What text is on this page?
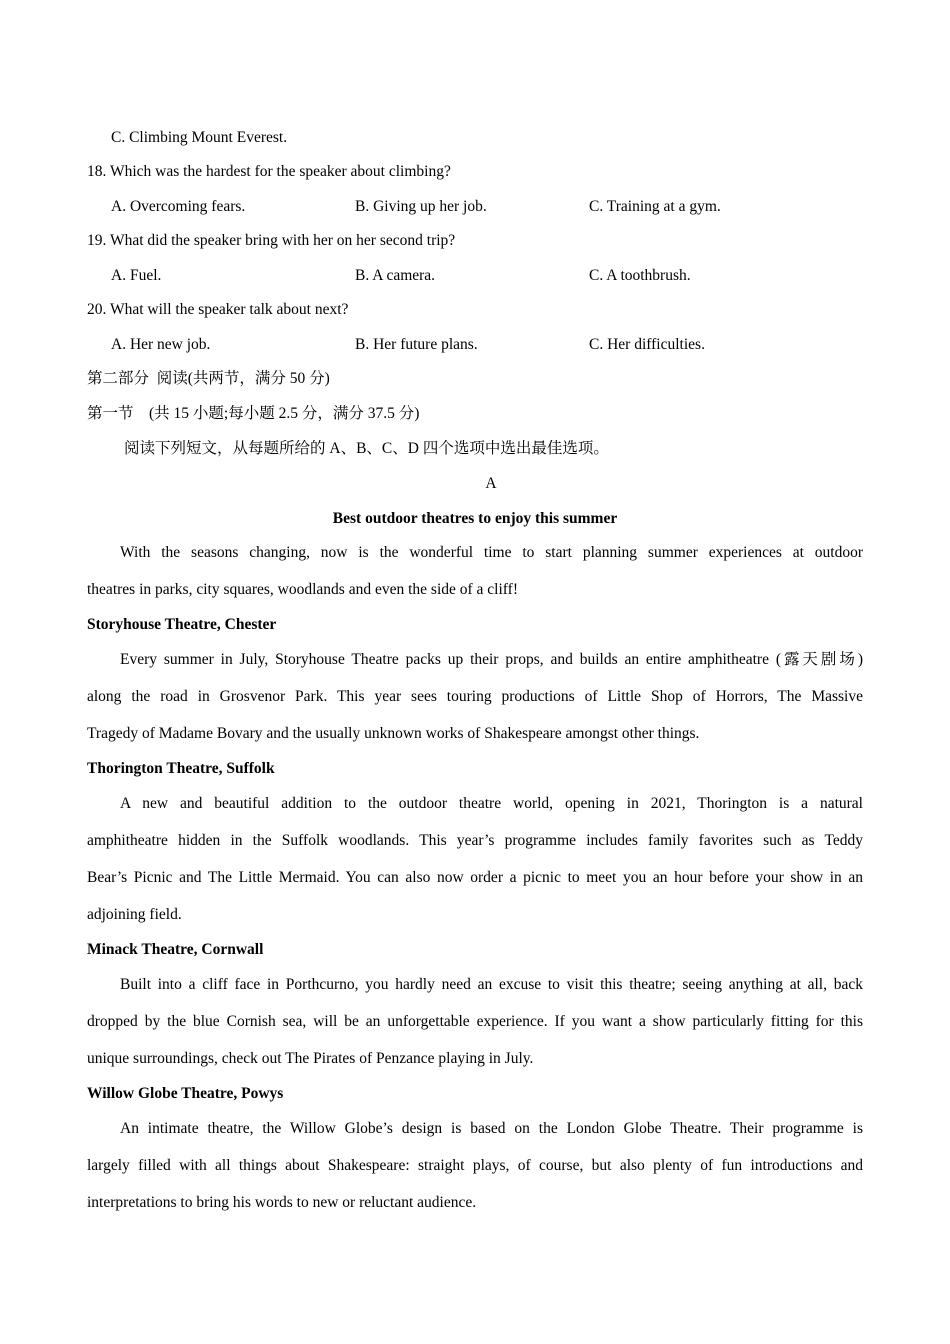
C. Climbing Mount Everest.
18. Which was the hardest for the speaker about climbing?
A. Overcoming fears.	B. Giving up her job.	C. Training at a gym.
19. What did the speaker bring with her on her second trip?
A. Fuel.	B. A camera.	C. A toothbrush.
20. What will the speaker talk about next?
A. Her new job.	B. Her future plans.	C. Her difficulties.
第二部分  阅读(共两节，满分 50 分)
第一节    (共 15 小题;每小题 2.5 分，满分 37.5 分)
阅读下列短文，从每题所给的 A、B、C、D 四个选项中选出最佳选项。
A
Best outdoor theatres to enjoy this summer
With the seasons changing, now is the wonderful time to start planning summer experiences at outdoor
theatres in parks, city squares, woodlands and even the side of a cliff!
Storyhouse Theatre, Chester
Every summer in July, Storyhouse Theatre packs up their props, and builds an entire amphitheatre (露天剧场)
along the road in Grosvenor Park. This year sees touring productions of Little Shop of Horrors, The Massive
Tragedy of Madame Bovary and the usually unknown works of Shakespeare amongst other things.
Thorington Theatre, Suffolk
A new and beautiful addition to the outdoor theatre world, opening in 2021, Thorington is a natural
amphitheatre hidden in the Suffolk woodlands. This year’s programme includes family favorites such as Teddy
Bear’s Picnic and The Little Mermaid. You can also now order a picnic to meet you an hour before your show in an
adjoining field.
Minack Theatre, Cornwall
Built into a cliff face in Porthcurno, you hardly need an excuse to visit this theatre; seeing anything at all, back
dropped by the blue Cornish sea, will be an unforgettable experience. If you want a show particularly fitting for this
unique surroundings, check out The Pirates of Penzance playing in July.
Willow Globe Theatre, Powys
An intimate theatre, the Willow Globe’s design is based on the London Globe Theatre. Their programme is
largely filled with all things about Shakespeare: straight plays, of course, but also plenty of fun introductions and
interpretations to bring his words to new or reluctant audience.
